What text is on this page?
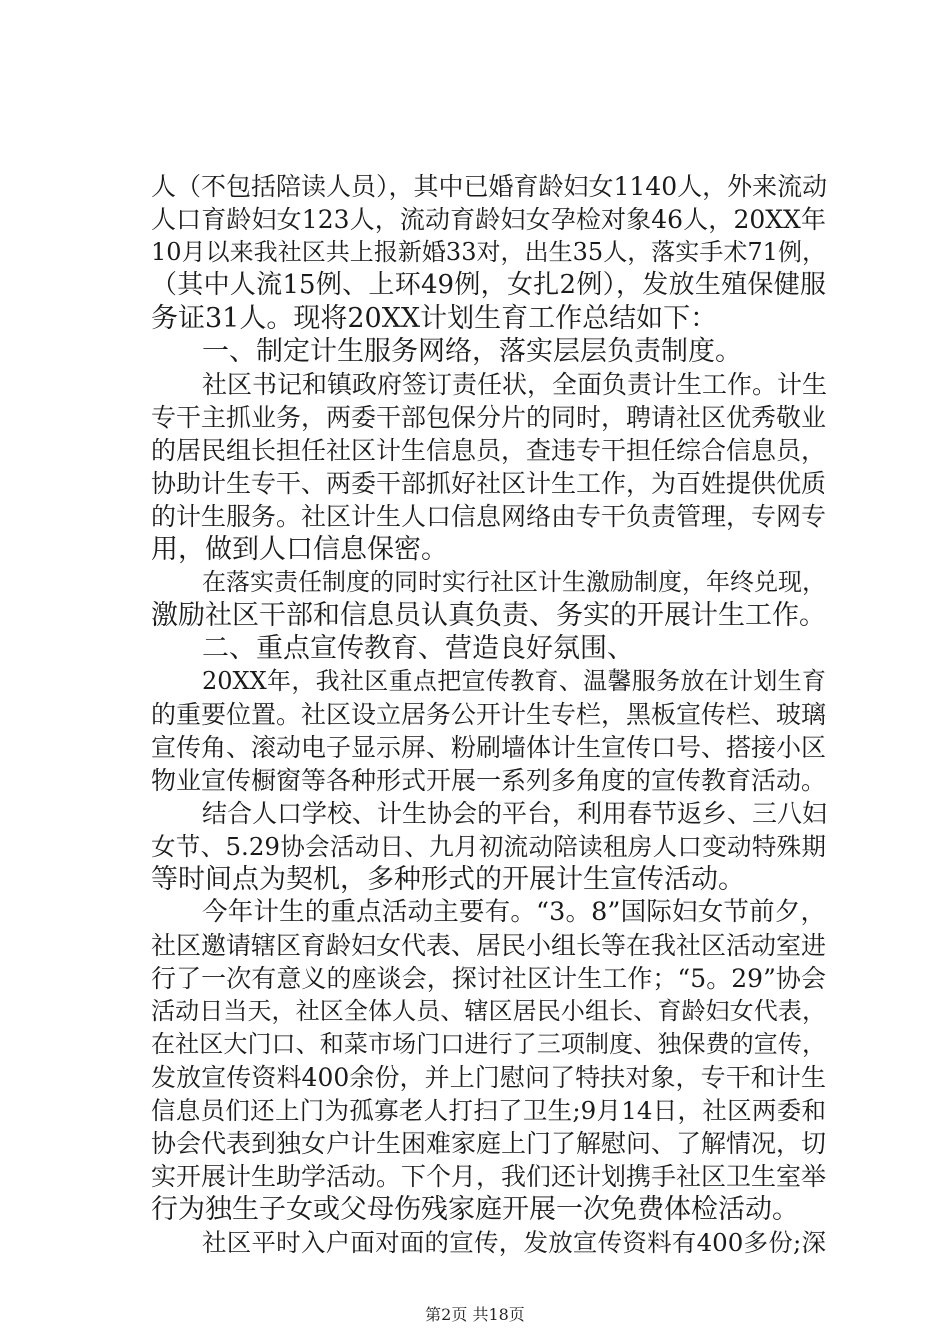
人（不包括陪读人员），其中已婚育龄妇女1140人，外来流动
人口育龄妇女123人，流动育龄妇女孕检对象46人，20XX年
10月以来我社区共上报新婚33对，出生35人，落实手术71例，
（其中人流15例、上环49例，女扎2例），发放生殖保健服
务证31人。现将20XX计划生育工作总结如下：
一、制定计生服务网络，落实层层负责制度。
社区书记和镇政府签订责任状，全面负责计生工作。计生
专干主抓业务，两委干部包保分片的同时，聘请社区优秀敬业
的居民组长担任社区计生信息员，查违专干担任综合信息员，
协助计生专干、两委干部抓好社区计生工作，为百姓提供优质
的计生服务。社区计生人口信息网络由专干负责管理，专网专
用，做到人口信息保密。
在落实责任制度的同时实行社区计生激励制度，年终兑现，
激励社区干部和信息员认真负责、务实的开展计生工作。
二、重点宣传教育、营造良好氛围、
20XX年，我社区重点把宣传教育、温馨服务放在计划生育
的重要位置。社区设立居务公开计生专栏，黑板宣传栏、玻璃
宣传角、滚动电子显示屏、粉刷墙体计生宣传口号、搭接小区
物业宣传橱窗等各种形式开展一系列多角度的宣传教育活动。
结合人口学校、计生协会的平台，利用春节返乡、三八妇
女节、5.29协会活动日、九月初流动陪读租房人口变动特殊期
等时间点为契机，多种形式的开展计生宣传活动。
今年计生的重点活动主要有。“3。8”国际妇女节前夕，
社区邀请辖区育龄妇女代表、居民小组长等在我社区活动室进
行了一次有意义的座谈会，探讨社区计生工作；“5。29”协会
活动日当天，社区全体人员、辖区居民小组长、育龄妇女代表，
在社区大门口、和菜市场门口进行了三项制度、独保费的宣传，
发放宣传资料400余份，并上门慰问了特扶对象，专干和计生
信息员们还上门为孤寡老人打扫了卫生;9月14日，社区两委和
协会代表到独女户计生困难家庭上门了解慰问、了解情况，切
实开展计生助学活动。下个月，我们还计划携手社区卫生室举
行为独生子女或父母伤残家庭开展一次免费体检活动。
社区平时入户面对面的宣传，发放宣传资料有400多份;深
第2页 共18页
